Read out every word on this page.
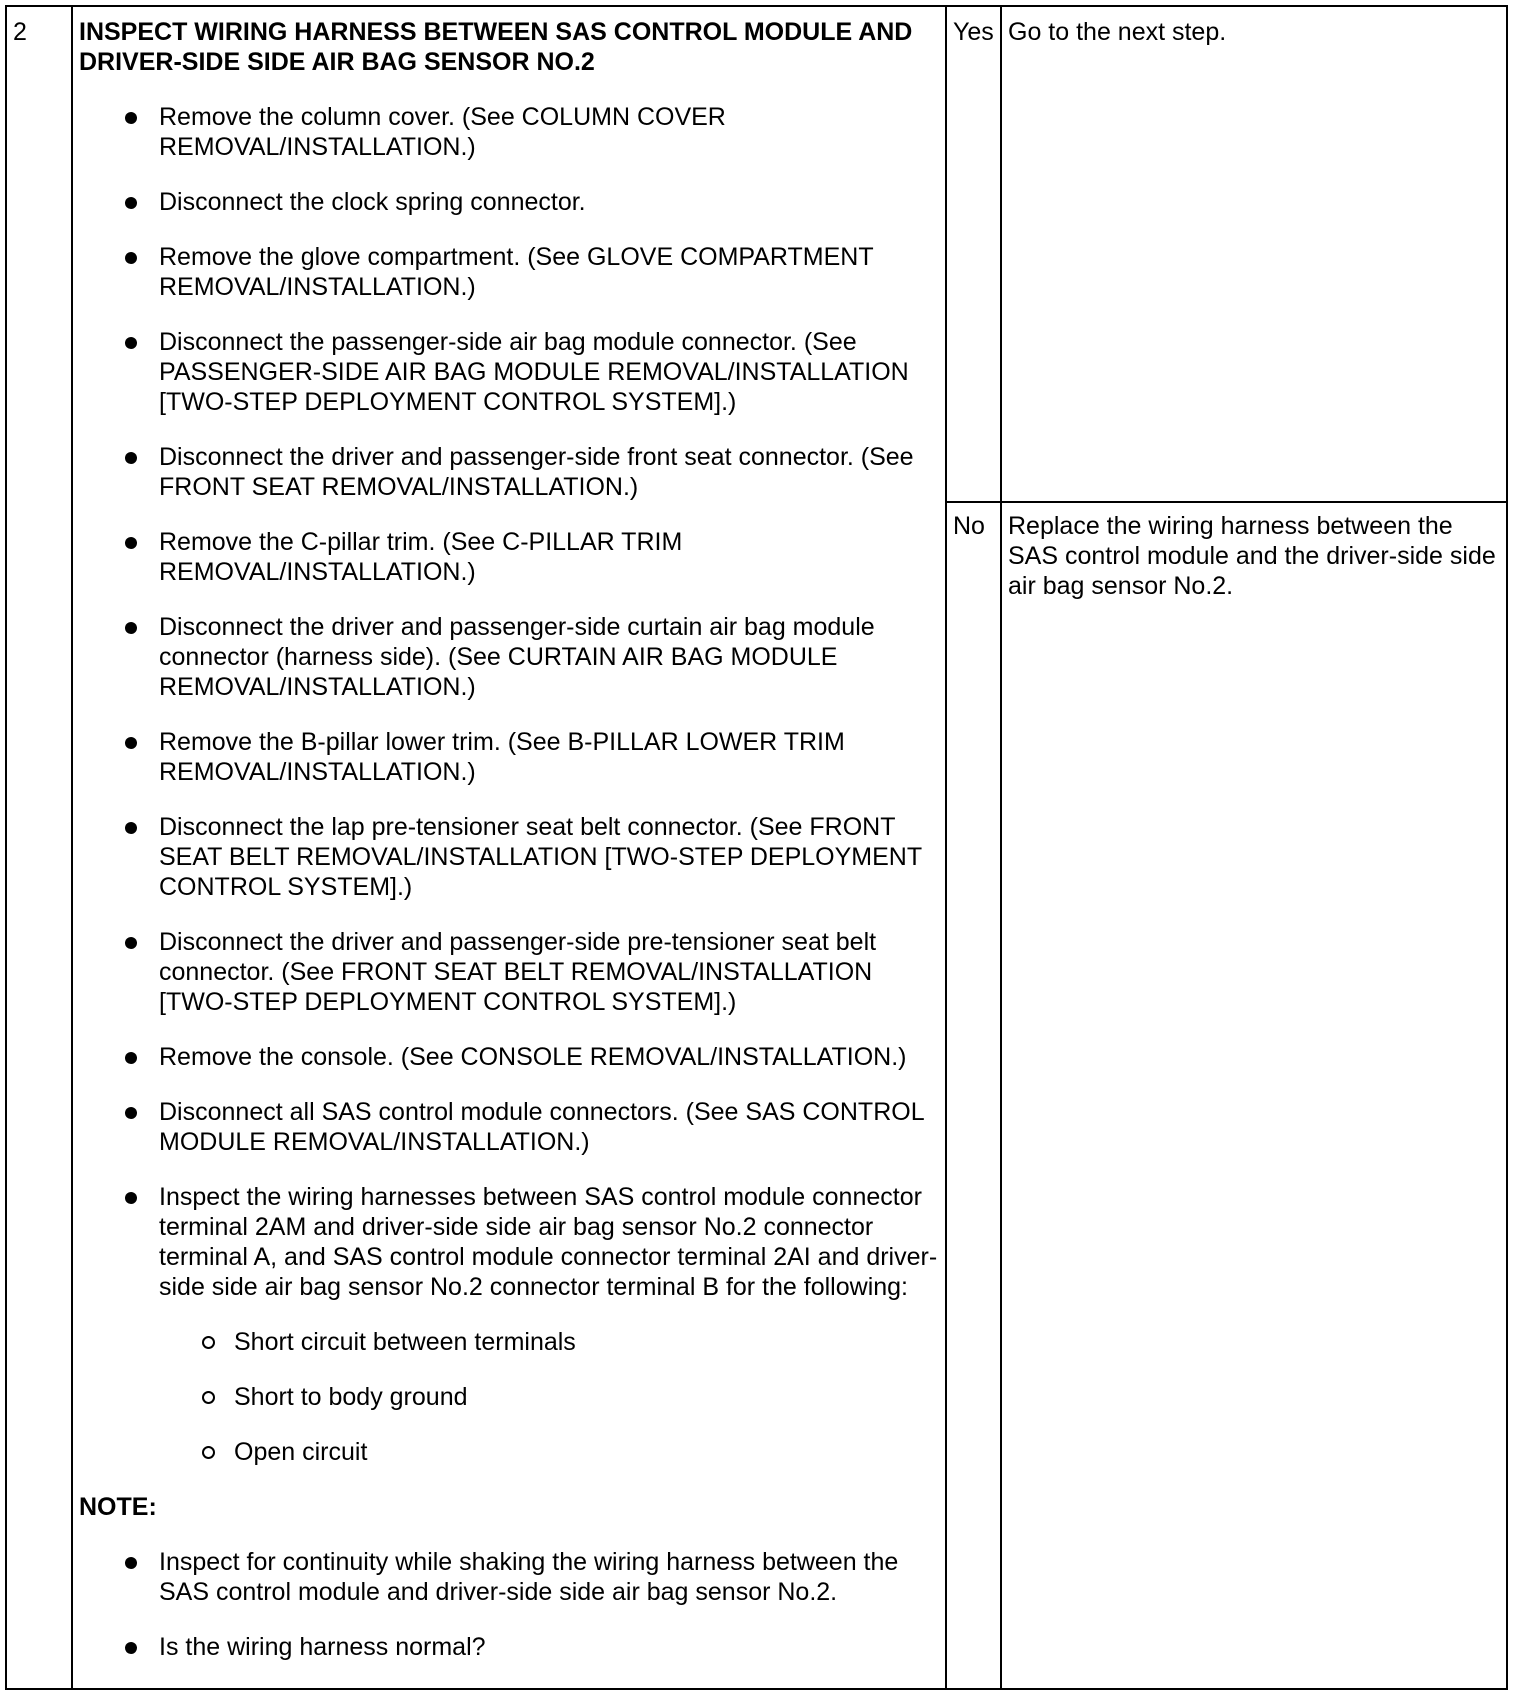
2 INSPECT WIRING HARNESS BETWEEN SAS CONTROL MODULE AND DRIVER-SIDE SIDE AIR BAG SENSOR NO.2
Remove the column cover. (See COLUMN COVER REMOVAL/INSTALLATION.)
Disconnect the clock spring connector.
Remove the glove compartment. (See GLOVE COMPARTMENT REMOVAL/INSTALLATION.)
Disconnect the passenger-side air bag module connector. (See PASSENGER-SIDE AIR BAG MODULE REMOVAL/INSTALLATION [TWO-STEP DEPLOYMENT CONTROL SYSTEM].)
Disconnect the driver and passenger-side front seat connector. (See FRONT SEAT REMOVAL/INSTALLATION.)
Remove the C-pillar trim. (See C-PILLAR TRIM REMOVAL/INSTALLATION.)
Disconnect the driver and passenger-side curtain air bag module connector (harness side). (See CURTAIN AIR BAG MODULE REMOVAL/INSTALLATION.)
Remove the B-pillar lower trim. (See B-PILLAR LOWER TRIM REMOVAL/INSTALLATION.)
Disconnect the lap pre-tensioner seat belt connector. (See FRONT SEAT BELT REMOVAL/INSTALLATION [TWO-STEP DEPLOYMENT CONTROL SYSTEM].)
Disconnect the driver and passenger-side pre-tensioner seat belt connector. (See FRONT SEAT BELT REMOVAL/INSTALLATION [TWO-STEP DEPLOYMENT CONTROL SYSTEM].)
Remove the console. (See CONSOLE REMOVAL/INSTALLATION.)
Disconnect all SAS control module connectors. (See SAS CONTROL MODULE REMOVAL/INSTALLATION.)
Inspect the wiring harnesses between SAS control module connector terminal 2AM and driver-side side air bag sensor No.2 connector terminal A, and SAS control module connector terminal 2AI and driver-side side air bag sensor No.2 connector terminal B for the following:
Short circuit between terminals
Short to body ground
Open circuit
NOTE:
Inspect for continuity while shaking the wiring harness between the SAS control module and driver-side side air bag sensor No.2.
Is the wiring harness normal?
Yes Go to the next step.
No Replace the wiring harness between the SAS control module and the driver-side side air bag sensor No.2.
